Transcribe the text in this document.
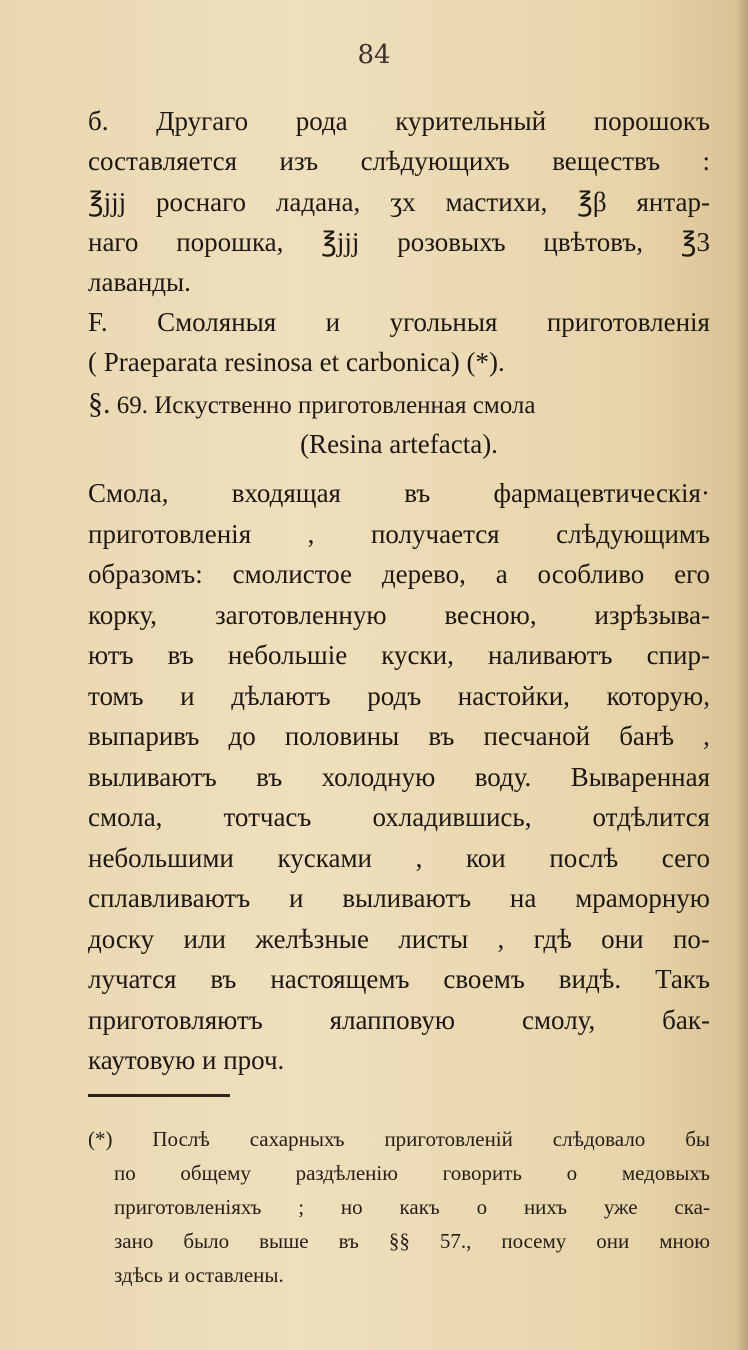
84
б. Другаго рода курительный порошокъ
составляется изъ слѣдующихъ веществъ :
℥jjj роснаго ладана, ʒx мастихи, ℥β янтар-
наго порошка, ℥jjj розовыхъ цвѣтовъ, ℥3
лаванды.
F. Смоляныя и угольныя приготовленія
( Praeparata resinosa et carbonica) (*).
§. 69. Искуственно приготовленная смола
(Resina artefacta).
Смола, входящая въ фармацевтическія·
приготовленія , получается слѣдующимъ
образомъ: смолистое дерево, а особливо его
корку, заготовленную весною, изрѣзыва-
ютъ въ небольшіе куски, наливаютъ спир-
томъ и дѣлаютъ родъ настойки, которую,
выпаривъ до половины въ песчаной банѣ ,
выливаютъ въ холодную воду. Вываренная
смола, тотчасъ охладившись, отдѣлится
небольшими кусками , кои послѣ сего
сплавливаютъ и выливаютъ на мраморную
доску или желѣзные листы , гдѣ они по-
лучатся въ настоящемъ своемъ видѣ. Такъ
приготовляютъ ялапповую смолу, бак-
каутовую и проч.
(*) Послѣ сахарныхъ приготовленій слѣдовало бы
по общему раздѣленію говорить о медовыхъ
приготовленіяхъ ; но какъ о нихъ уже ска-
зано было выше въ §§ 57., посему они мною
здѣсь и оставлены.
